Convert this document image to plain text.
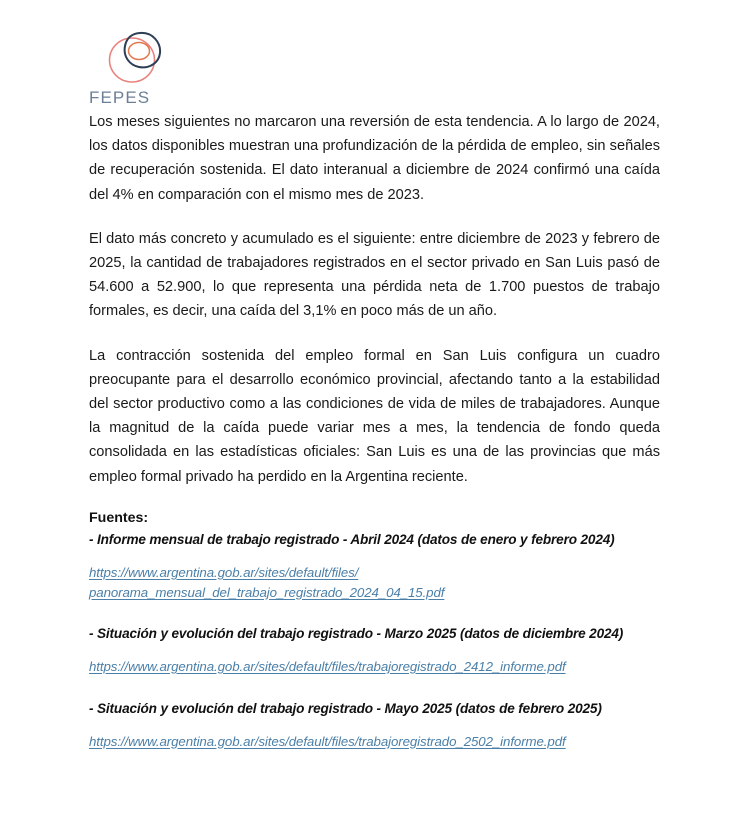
FEPES

Los meses siguientes no marcaron una reversión de esta tendencia. A lo largo de 2024, los datos disponibles muestran una profundización de la pérdida de empleo, sin señales de recuperación sostenida. El dato interanual a diciembre de 2024 confirmó una caída del 4% en comparación con el mismo mes de 2023.

El dato más concreto y acumulado es el siguiente: entre diciembre de 2023 y febrero de 2025, la cantidad de trabajadores registrados en el sector privado en San Luis pasó de 54.600 a 52.900, lo que representa una pérdida neta de 1.700 puestos de trabajo formales, es decir, una caída del 3,1% en poco más de un año.

La contracción sostenida del empleo formal en San Luis configura un cuadro preocupante para el desarrollo económico provincial, afectando tanto a la estabilidad del sector productivo como a las condiciones de vida de miles de trabajadores. Aunque la magnitud de la caída puede variar mes a mes, la tendencia de fondo queda consolidada en las estadísticas oficiales: San Luis es una de las provincias que más empleo formal privado ha perdido en la Argentina reciente.

Fuentes:

- Informe mensual de trabajo registrado - Abril 2024 (datos de enero y febrero 2024)

https://www.argentina.gob.ar/sites/default/files/
panorama_mensual_del_trabajo_registrado_2024_04_15.pdf

- Situación y evolución del trabajo registrado - Marzo 2025 (datos de diciembre 2024)

https://www.argentina.gob.ar/sites/default/files/trabajoregistrado_2412_informe.pdf

- Situación y evolución del trabajo registrado - Mayo 2025 (datos de febrero 2025)

https://www.argentina.gob.ar/sites/default/files/trabajoregistrado_2502_informe.pdf
